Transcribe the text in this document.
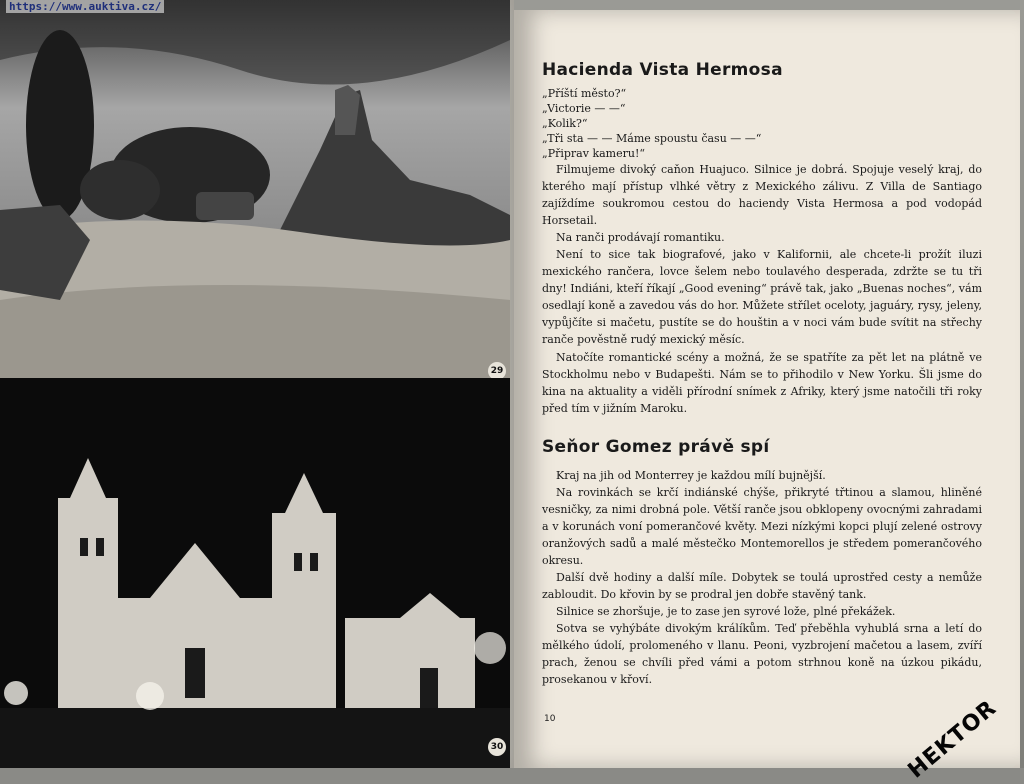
29
30
https://www.auktiva.cz/
Hacienda Vista Hermosa

„Příští město?“

„Victorie — —“

„Kolik?“

„Tři sta — — Máme spoustu času — —“

„Připrav kameru!“

Filmujeme divoký caňon Huajuco. Silnice je dobrá. Spojuje veselý kraj, do kterého mají přístup vlhké větry z Mexického zálivu. Z Villa de Santiago zajíždíme soukromou cestou do haciendy Vista Hermosa a pod vodopád Horsetail.

Na ranči prodávají romantiku.

Není to sice tak biografové, jako v Kalifornii, ale chcete-li prožít iluzi mexického rančera, lovce šelem nebo toulavého desperada, zdržte se tu tři dny! Indiáni, kteří říkají „Good evening“ právě tak, jako „Buenas noches“, vám osedlají koně a zavedou vás do hor. Můžete střílet oceloty, jaguáry, rysy, jeleny, vypůjčíte si mačetu, pustíte se do houštin a v noci vám bude svítit na střechy ranče pověstně rudý mexický měsíc.

Natočíte romantické scény a možná, že se spatříte za pět let na plátně ve Stockholmu nebo v Budapešti. Nám se to přihodilo v New Yorku. Šli jsme do kina na aktuality a viděli přírodní snímek z Afriky, který jsme natočili tři roky před tím v jižním Maroku.

Seňor Gomez právě spí

Kraj na jih od Monterrey je každou mílí bujnější.

Na rovinkách se krčí indiánské chýše, přikryté třtinou a slamou, hliněné vesničky, za nimi drobná pole. Větší ranče jsou obklopeny ovocnými zahradami a v korunách voní pomerančové květy. Mezi nízkými kopci plují zelené ostrovy oranžových sadů a malé městečko Montemorellos je středem pomerančového okresu.

Další dvě hodiny a další míle. Dobytek se toulá uprostřed cesty a nemůže zabloudit. Do křovin by se prodral jen dobře stavěný tank.

Silnice se zhoršuje, je to zase jen syrové lože, plné překážek.

Sotva se vyhýbáte divokým králíkům. Teď přeběhla vyhublá srna a letí do mělkého údolí, prolomeného v llanu. Peoni, vyzbrojení mačetou a lasem, zvíří prach, ženou se chvíli před vámi a potom strhnou koně na úzkou pikádu, prosekanou v křoví.

10	HEKTOR
